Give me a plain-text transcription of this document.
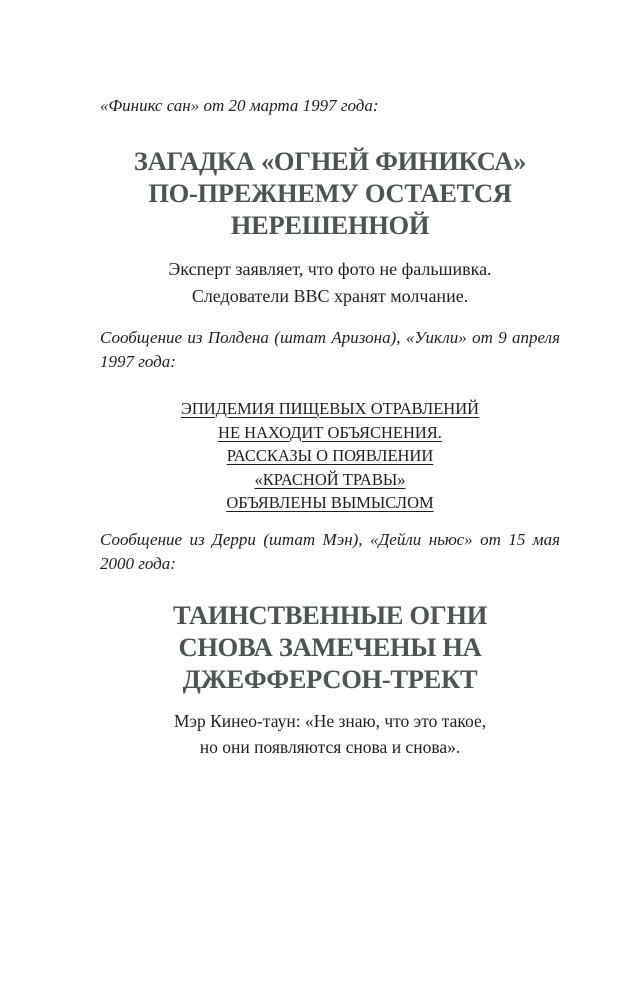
«Финикс сан» от 20 марта 1997 года:
ЗАГАДКА «ОГНЕЙ ФИНИКСА»
ПО-ПРЕЖНЕМУ ОСТАЕТСЯ
НЕРЕШЕННОЙ
Эксперт заявляет, что фото не фальшивка.
Следователи ВВС хранят молчание.
Сообщение из Полдена (штат Аризона), «Уикли» от 9 апреля 1997 года:
ЭПИДЕМИЯ ПИЩЕВЫХ ОТРАВЛЕНИЙ
НЕ НАХОДИТ ОБЪЯСНЕНИЯ.
РАССКАЗЫ О ПОЯВЛЕНИИ
«КРАСНОЙ ТРАВЫ»
ОБЪЯВЛЕНЫ ВЫМЫСЛОМ
Сообщение из Дерри (штат Мэн), «Дейли ньюс» от 15 мая 2000 года:
ТАИНСТВЕННЫЕ ОГНИ
СНОВА ЗАМЕЧЕНЫ НА
ДЖЕФФЕРСОН-ТРЕКТ
Мэр Кинео-таун: «Не знаю, что это такое,
но они появляются снова и снова».
